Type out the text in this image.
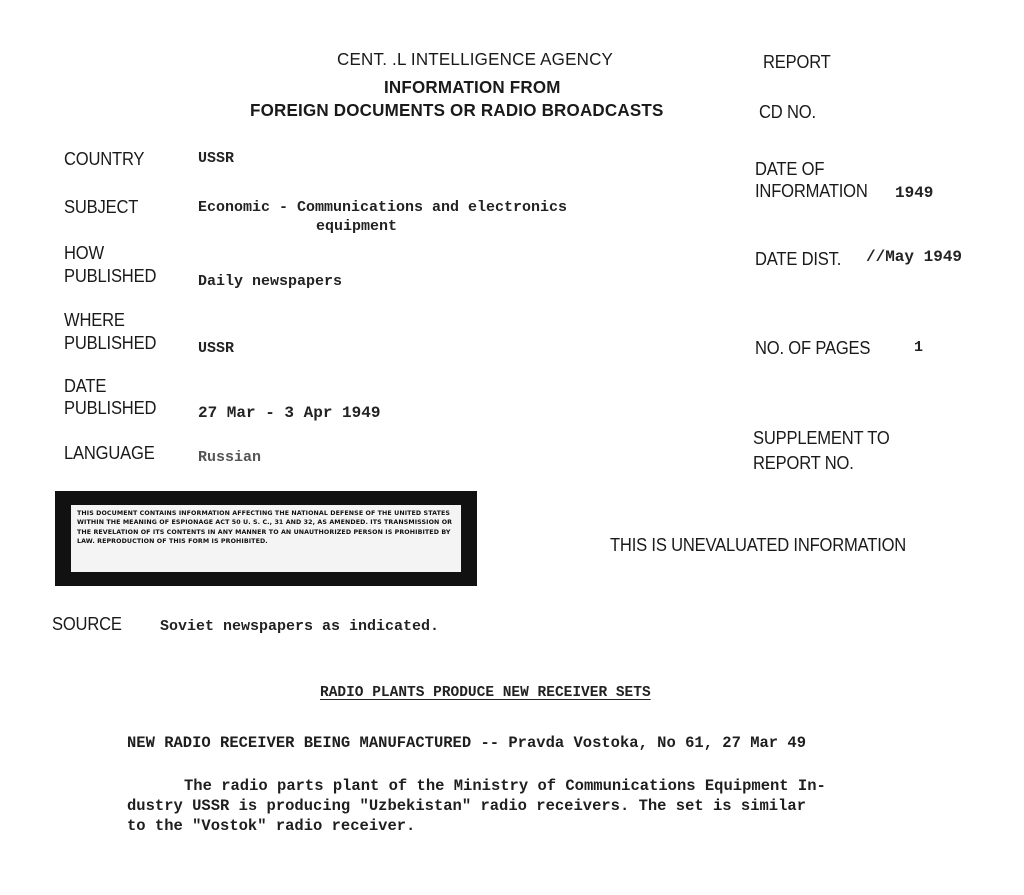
CENT. .L INTELLIGENCE AGENCY
INFORMATION FROM
FOREIGN DOCUMENTS OR RADIO BROADCASTS
REPORT
CD NO.
COUNTRY	USSR
SUBJECT	Economic - Communications and electronics
equipment
HOW
PUBLISHED	Daily newspapers
WHERE
PUBLISHED	USSR
DATE
PUBLISHED	27 Mar - 3 Apr 1949
LANGUAGE	Russian
DATE OF
INFORMATION 1949
DATE DIST. //May 1949
NO. OF PAGES	1
SUPPLEMENT TO
REPORT NO.
THIS DOCUMENT CONTAINS INFORMATION AFFECTING THE NATIONAL DEFENSE OF THE UNITED STATES WITHIN THE MEANING OF ESPIONAGE ACT 50 U. S. C., 31 AND 32, AS AMENDED. ITS TRANSMISSION OR THE REVELATION OF ITS CONTENTS IN ANY MANNER TO AN UNAUTHORIZED PERSON IS PROHIBITED BY LAW. REPRODUCTION OF THIS FORM IS PROHIBITED.	THIS IS UNEVALUATED INFORMATION
SOURCE	Soviet newspapers as indicated.
RADIO PLANTS PRODUCE NEW RECEIVER SETS
NEW RADIO RECEIVER BEING MANUFACTURED -- Pravda Vostoka, No 61, 27 Mar 49
The radio parts plant of the Ministry of Communications Equipment In-
dustry USSR is producing "Uzbekistan" radio receivers. The set is similar
to the "Vostok" radio receiver.
